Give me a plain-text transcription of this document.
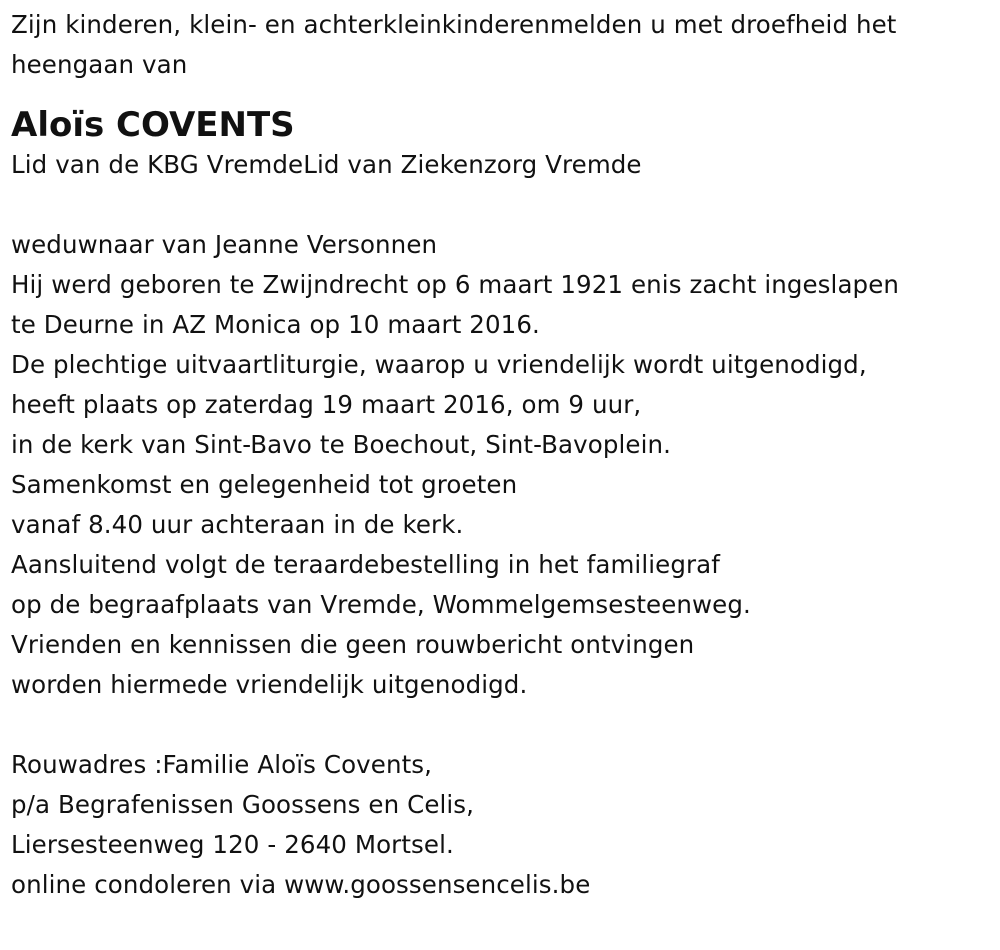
Zijn kinderen, klein- en achterkleinkinderenmelden u met droefheid het
heengaan van
Aloïs COVENTS
Lid van de KBG VremdeLid van Ziekenzorg Vremde
weduwnaar van Jeanne Versonnen
Hij werd geboren te Zwijndrecht op 6 maart 1921 enis zacht ingeslapen
te Deurne in AZ Monica op 10 maart 2016.
De plechtige uitvaartliturgie, waarop u vriendelijk wordt uitgenodigd,
heeft plaats op zaterdag 19 maart 2016, om 9 uur,
in de kerk van Sint-Bavo te Boechout, Sint-Bavoplein.
Samenkomst en gelegenheid tot groeten
vanaf 8.40 uur achteraan in de kerk.
Aansluitend volgt de teraardebestelling in het familiegraf
op de begraafplaats van Vremde, Wommelgemsesteenweg.
Vrienden en kennissen die geen rouwbericht ontvingen
worden hiermede vriendelijk uitgenodigd.
Rouwadres :Familie Aloïs Covents,
p/a Begrafenissen Goossens en Celis,
Liersesteenweg 120 - 2640 Mortsel.
online condoleren via www.goossensencelis.be
